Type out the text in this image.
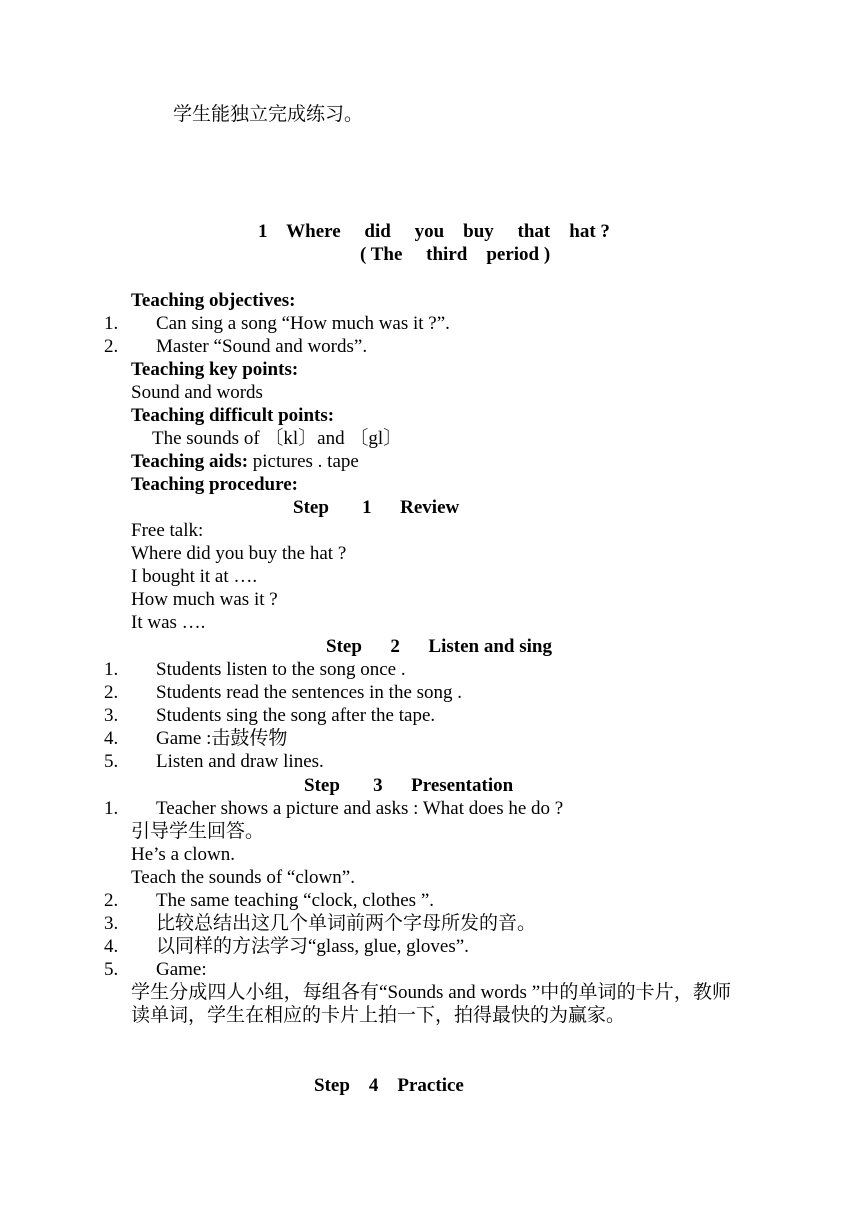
学生能独立完成练习。
1    Where     did     you    buy     that    hat ?
( The     third    period )
Teaching objectives:
1. Can sing a song “How much was it ?”.
2. Master “Sound and words”.
Teaching key points:
Sound and words
Teaching difficult points:
The sounds of 〔kl〕and 〔gl〕
Teaching aids: pictures . tape
Teaching procedure:
Step       1      Review
Free talk:
Where did you buy the hat ?
I bought it at ….
How much was it ?
It was ….
Step      2      Listen and sing
1. Students listen to the song once .
2. Students read the sentences in the song .
3. Students sing the song after the tape.
4. Game :击鼓传物
5. Listen and draw lines.
Step       3      Presentation
1. Teacher shows a picture and asks : What does he do ?
引导学生回答。
He’s a clown.
Teach the sounds of “clown”.
2. The same teaching “clock, clothes ”.
3. 比较总结出这几个单词前两个字母所发的音。
4. 以同样的方法学习“glass, glue, gloves”.
5. Game:
学生分成四人小组，每组各有“Sounds and words ”中的单词的卡片，教师读单词，学生在相应的卡片上拍一下，拍得最快的为赢家。
Step    4    Practice
